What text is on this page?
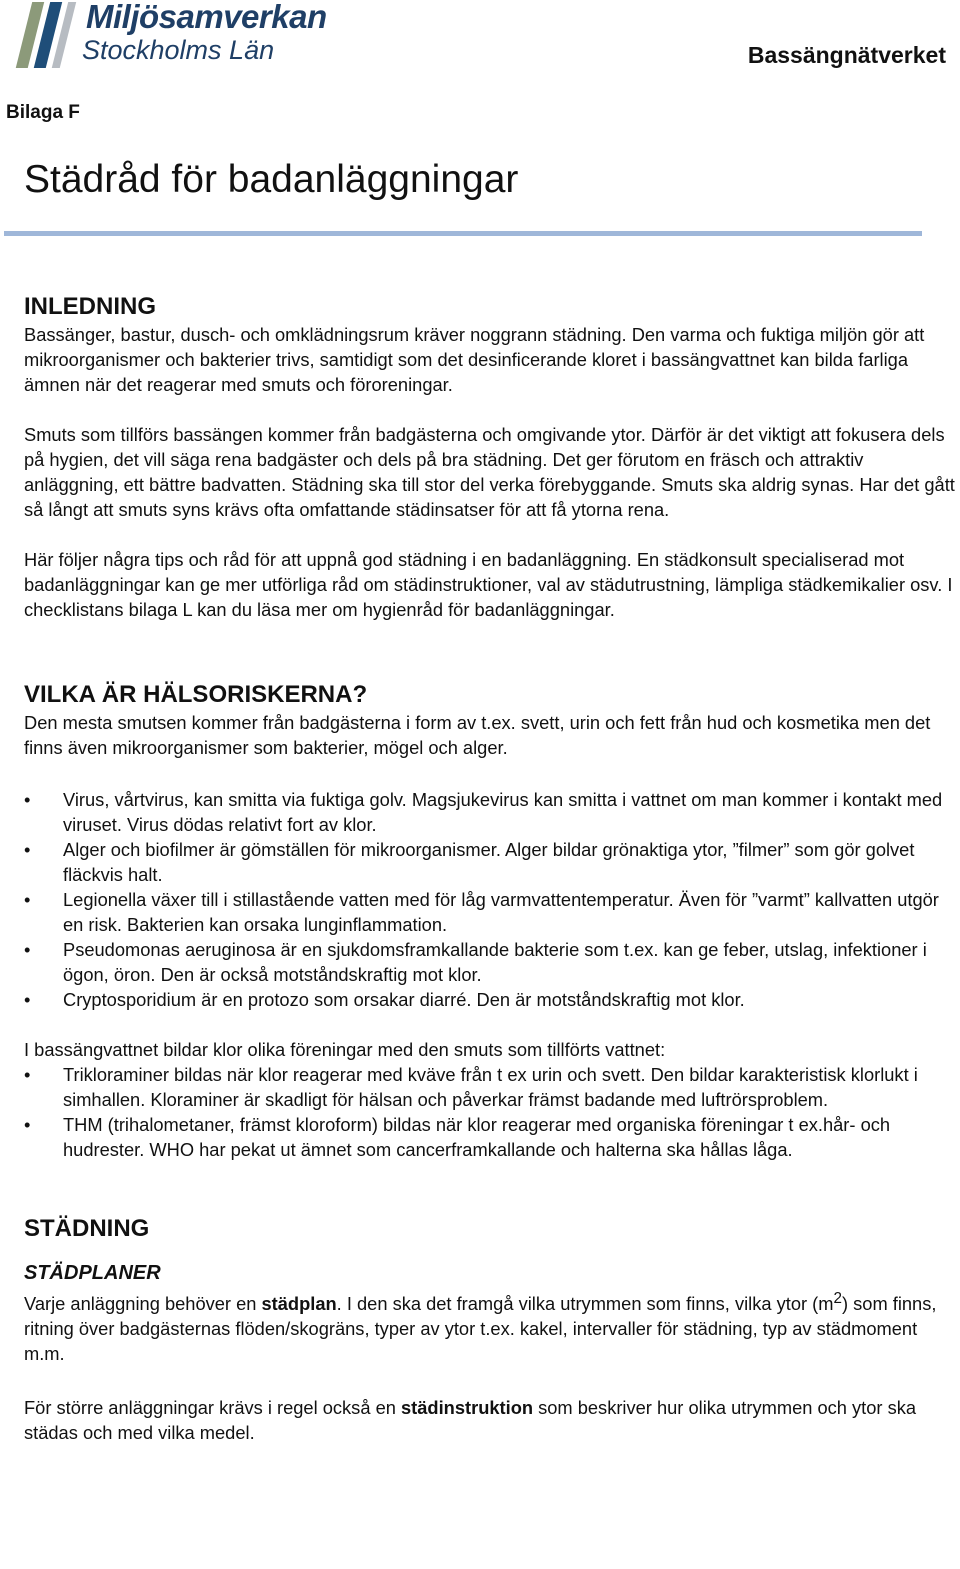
Miljösamverkan
Stockholms Län	Bassängnätverket
Bilaga F
Städråd för badanläggningar
INLEDNING

Bassänger, bastur, dusch- och omklädningsrum kräver noggrann städning. Den varma och fuktiga miljön gör att mikroorganismer och bakterier trivs, samtidigt som det desinficerande kloret i bassängvattnet kan bilda farliga ämnen när det reagerar med smuts och föroreningar.

Smuts som tillförs bassängen kommer från badgästerna och omgivande ytor. Därför är det viktigt att fokusera dels på hygien, det vill säga rena badgäster och dels på bra städning. Det ger förutom en fräsch och attraktiv anläggning, ett bättre badvatten. Städning ska till stor del verka förebyggande. Smuts ska aldrig synas. Har det gått så långt att smuts syns krävs ofta omfattande städinsatser för att få ytorna rena.

Här följer några tips och råd för att uppnå god städning i en badanläggning. En städkonsult specialiserad mot badanläggningar kan ge mer utförliga råd om städinstruktioner, val av städutrustning, lämpliga städkemikalier osv. I checklistans bilaga L kan du läsa mer om hygienråd för badanläggningar.

VILKA ÄR HÄLSORISKERNA?

Den mesta smutsen kommer från badgästerna i form av t.ex. svett, urin och fett från hud och kosmetika men det finns även mikroorganismer som bakterier, mögel och alger.

• Virus, vårtvirus, kan smitta via fuktiga golv. Magsjukevirus kan smitta i vattnet om man kommer i kontakt med viruset. Virus dödas relativt fort av klor.
• Alger och biofilmer är gömställen för mikroorganismer. Alger bildar grönaktiga ytor, ”filmer” som gör golvet fläckvis halt.
• Legionella växer till i stillastående vatten med för låg varmvattentemperatur. Även för ”varmt” kallvatten utgör en risk. Bakterien kan orsaka lunginflammation.
• Pseudomonas aeruginosa är en sjukdomsframkallande bakterie som t.ex. kan ge feber, utslag, infektioner i ögon, öron. Den är också motståndskraftig mot klor.
• Cryptosporidium är en protozo som orsakar diarré. Den är motståndskraftig mot klor.

I bassängvattnet bildar klor olika föreningar med den smuts som tillförts vattnet:

• Trikloraminer bildas när klor reagerar med kväve från t ex urin och svett. Den bildar karakteristisk klorlukt i simhallen. Kloraminer är skadligt för hälsan och påverkar främst badande med luftrörsproblem.
• THM (trihalometaner, främst kloroform) bildas när klor reagerar med organiska föreningar t ex.hår- och hudrester. WHO har pekat ut ämnet som cancerframkallande och halterna ska hållas låga.
STÄDNING
STÄDPLANER

Varje anläggning behöver en städplan. I den ska det framgå vilka utrymmen som finns, vilka ytor $(m^2)$ som finns, ritning över badgästernas flöden/skogräns, typer av ytor t.ex. kakel, intervaller för städning, typ av städmoment m.m.

För större anläggningar krävs i regel också en städinstruktion som beskriver hur olika utrymmen och ytor ska städas och med vilka medel.
